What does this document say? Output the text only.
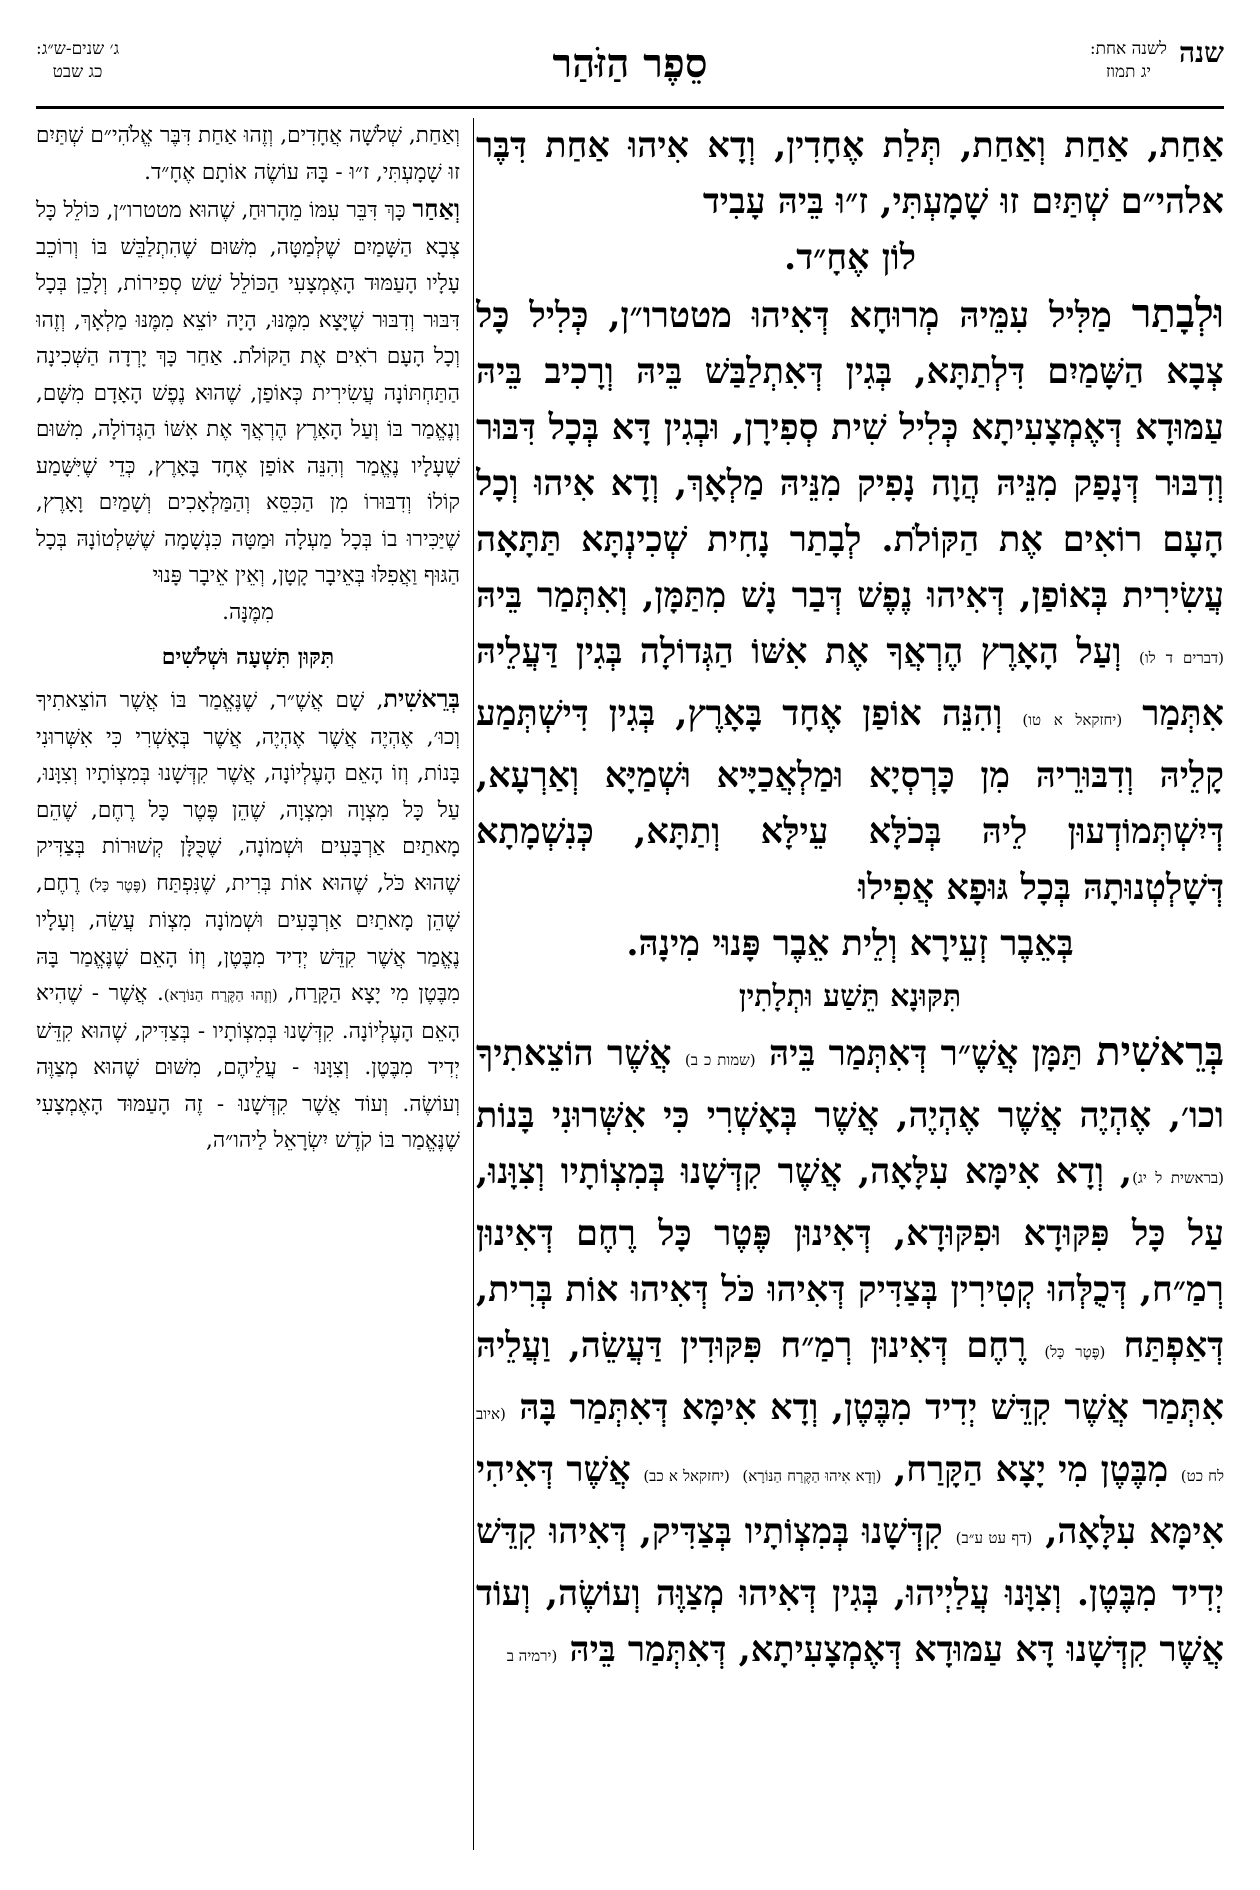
שנה
לשנה אחת:
יג תמוז
סֵפֶר הַזֹּהַר
ג׳ שנים-ש״ג:
כג שבט

אַחַת, אַחַת וְאַחַת, תְּלַת אֶחָדִין, וְדָא אִיהוּ אַחַת דִּבֶּר אלהי״ם שְׁתַּיִם זוּ שָׁמָעְתִּי, ז״וּ בֵּיהּ עָבִיד
לוֹן אֶחָ״ד.

וּלְבָתַר מַלִּיל עִמֵּיהּ מְרוּחָא דְּאִיהוּ מטטרו״ן, כְּלִיל כָּל צְבָא הַשָּׁמַיִם דִּלְתַתָּא, בְּגִין דְּאִתְלַבַּשׁ בֵּיהּ וְרָכִיב בֵּיהּ עַמּוּדָא דְּאֶמְצָעִיתָא כְּלִיל שִׁית סְפִירָן, וּבְגִין דָּא בְּכָל דִּבּוּר וְדִבּוּר דְּנָפַק מִנֵּיהּ הֲוָה נָפִיק מִנֵּיהּ מַלְאָךְ, וְדָא אִיהוּ וְכָל הָעָם רוֹאִים אֶת הַקּוֹלֹת. לְבָתַר נָחִית שְׁכִינְתָּא תַּתָּאָה עֲשִׂירִית בְּאוֹפַן, דְּאִיהוּ נֶפֶשׁ דְּבַר נָשׁ מִתַּמָּן, וְאִתְּמַר בֵּיהּ (דברים ד לו) וְעַל הָאָרֶץ הֶרְאֲךָ אֶת אִשּׁוֹ הַגְּדוֹלָה בְּגִין דַּעֲלֵיהּ אִתְּמַר (יחזקאל א טו) וְהִנֵּה אוֹפַן אֶחָד בָּאָרֶץ, בְּגִין דִּישְׁתְּמַע קָלֵיהּ וְדִבּוּרֵיהּ מִן כָּרְסְיָא וּמַלְאֲכַיָּיא וּשְׁמַיָּא וְאַרְעָא, דְּיִשְׁתְּמוֹדְעוּן לֵיהּ בְּכֹלָּא עֵילָּא וְתַתָּא, כְּנִשְׁמָתָא דְּשָׁלְטְנוּתָהּ בְּכָל גּוּפָא אֲפִילוּ
בְּאֵבֶר זְעֵירָא וְלֵית אֵבֶר פָּנוּי מִינָהּ.

תִּקּוּנָא תֵּשַׁע וּתְלָתִין

בְּרֵאשִׁית תַּמָּן אֲשֶׁ״ר דְּאִתְּמַר בֵּיהּ (שמות כ ב) אֲשֶׁר הוֹצֵאתִיךָ וכו׳, אֶהְיֶה אֲשֶׁר אֶהְיֶה, אֲשֶׁר בְּאָשְׁרִי כִּי אִשְּׁרוּנִי בָּנוֹת (בראשית ל יג), וְדָא אִימָּא עִלָּאָה, אֲשֶׁר קִדְּשָׁנוּ בְּמִצְוֹתָיו וְצִוָּנוּ, עַל כָּל פִּקּוּדָא וּפִקּוּדָא, דְּאִינוּן פֶּטֶר כָּל רֶחֶם דְּאִינוּן רְמַ״ח, דְּכֻלְּהוּ קְטִירִין בְּצַדִּיק דְּאִיהוּ כֹּל דְּאִיהוּ אוֹת בְּרִית, דְּאַפְתַּח (פֶּטֶר כָּל) רֶחֶם דְּאִינוּן רְמַ״ח פִּקּוּדִין דַּעֲשֵׂה, וַעֲלֵיהּ אִתְּמַר אֲשֶׁר קִדֵּשׁ יְדִיד מִבֶּטֶן, וְדָא אִימָּא דְּאִתְּמַר בָּהּ (איוב לח כט) מִבֶּטֶן מִי יָצָא הַקָּרַח, (וְדָא אִיהוּ הַקֶּרַח הַנּוֹרָא) (יחזקאל א כב) אֲשֶׁר דְּאִיהִי אִימָּא עִלָּאָה, (דף עט ע״ב) קִדְּשָׁנוּ בְּמִצְוֹתָיו בְּצַדִּיק, דְּאִיהוּ קִדֵּשׁ יְדִיד מִבֶּטֶן. וְצִוָּנוּ עֲלַיְיהוּ, בְּגִין דְּאִיהוּ מְצַוֶּה וְעוֹשֶׂה, וְעוֹד אֲשֶׁר קִדְּשָׁנוּ דָּא עַמּוּדָא דְּאֶמְצָעִיתָא, דְּאִתְּמַר בֵּיהּ (ירמיה ב

וְאַחַת, שְׁלֹשָׁה אֲחָדִים, וְזֶהוּ אַחַת דִּבֶּר אֱלֹהִי״ם שְׁתַּיִם זוּ שָׁמָעְתִּי, ז״וּ - בָּהּ עוֹשֶׂה אוֹתָם אֶחָ״ד.

וְאַחַר כָּךְ דִּבֵּר עִמּוֹ מֵהָרוּחַ, שֶׁהוּא מטטרו״ן, כּוֹלֵל כָּל צְבָא הַשָּׁמַיִם שֶׁלְּמַטָּה, מִשּׁוּם שֶׁהִתְלַבֵּשׁ בּוֹ וְרוֹכֵב עָלָיו הָעַמּוּד הָאֶמְצָעִי הַכּוֹלֵל שֵׁשׁ סְפִירוֹת, וְלָכֵן בְּכָל דִּבּוּר וְדִבּוּר שֶׁיָּצָא מִמֶּנּוּ, הָיָה יוֹצֵא מִמֶּנּוּ מַלְאָךְ, וְזֶהוּ וְכָל הָעָם רֹאִים אֶת הַקּוֹלֹת. אַחַר כָּךְ יָרְדָה הַשְּׁכִינָה הַתַּחְתּוֹנָה עֲשִׂירִית כְּאוֹפַן, שֶׁהוּא נֶפֶשׁ הָאָדָם מִשָּׁם, וְנֶאֱמַר בּוֹ וְעַל הָאָרֶץ הֶרְאֲךָ אֶת אִשּׁוֹ הַגְּדוֹלָה, מִשּׁוּם שֶׁעָלָיו נֶאֱמַר וְהִנֵּה אוֹפַן אֶחָד בָּאָרֶץ, כְּדֵי שֶׁיִּשָּׁמַע קוֹלוֹ וְדִבּוּרוֹ מִן הַכִּסֵּא וְהַמַּלְאָכִים וְשָׁמַיִם וָאָרֶץ, שֶׁיַּכִּירוּ בוֹ בְּכָל מַעְלָה וּמַטָּה כִּנְשָׁמָה שֶׁשִּׁלְטוֹנָהּ בְּכָל הַגּוּף וַאֲפִלּוּ בְּאֵיבָר קָטָן, וְאֵין אֵיבָר פָּנוּי
מִמֶּנָּה.

תִּקּוּן תִּשְׁעָה וּשְׁלֹשִׁים

בְּרֵאשִׁית, שָׁם אֲשֶׁ״ר, שֶׁנֶּאֱמַר בּוֹ אֲשֶׁר הוֹצֵאתִיךָ וְכוּ׳, אֶהְיֶה אֲשֶׁר אֶהְיֶה, אֲשֶׁר בְּאָשְׁרִי כִּי אִשְּׁרוּנִי בָּנוֹת, וְזוֹ הָאֵם הָעֶלְיוֹנָה, אֲשֶׁר קִדְּשָׁנוּ בְּמִצְוֹתָיו וְצִוָּנוּ, עַל כָּל מִצְוָה וּמִצְוָה, שֶׁהֵן פֶּטֶר כָּל רֶחֶם, שֶׁהֵם מָאתַיִם אַרְבָּעִים וּשְׁמוֹנָה, שֶׁכֻּלָּן קְשׁוּרוֹת בְּצַדִּיק שֶׁהוּא כֹּל, שֶׁהוּא אוֹת בְּרִית, שֶׁנִּפְתַּח (פֶּטֶר כָּל) רֶחֶם, שֶׁהֵן מָאתַיִם אַרְבָּעִים וּשְׁמוֹנָה מִצְוֹת עֲשֵׂה, וְעָלָיו נֶאֱמַר אֲשֶׁר קִדֵּשׁ יְדִיד מִבֶּטֶן, וְזוֹ הָאֵם שֶׁנֶּאֱמַר בָּהּ מִבֶּטֶן מִי יָצָא הַקָּרַח, (וְזֶהוּ הַקֶּרַח הַנּוֹרָא). אֲשֶׁר - שֶׁהִיא הָאֵם הָעֶלְיוֹנָה. קִדְּשָׁנוּ בְּמִצְוֹתָיו - בְּצַדִּיק, שֶׁהוּא קִדֵּשׁ יְדִיד מִבֶּטֶן. וְצִוָּנוּ - עֲלֵיהֶם, מִשּׁוּם שֶׁהוּא מְצַוֶּה וְעוֹשֶׂה. וְעוֹד אֲשֶׁר קִדְּשָׁנוּ - זֶה הָעַמּוּד הָאֶמְצָעִי שֶׁנֶּאֱמַר בּוֹ קֹדֶשׁ יִשְׂרָאֵל לַיהו״ה,
